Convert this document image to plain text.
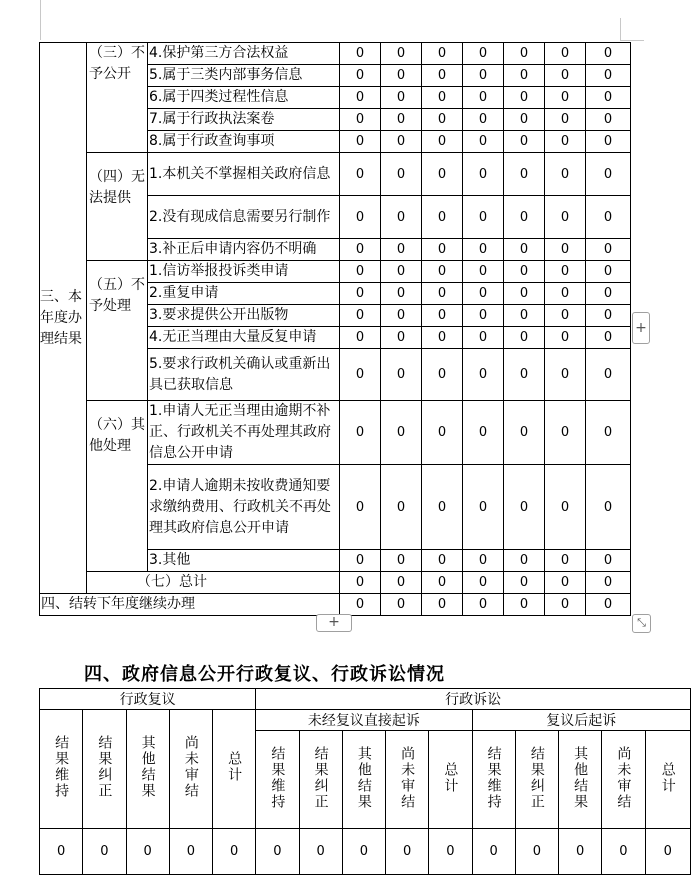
三、本年度办理结果	（三）不予公开	4.保护第三方合法权益	0	0	0	0	0	0	0
		5.属于三类内部事务信息	0	0	0	0	0	0	0
		6.属于四类过程性信息	0	0	0	0	0	0	0
		7.属于行政执法案卷	0	0	0	0	0	0	0
		8.属于行政查询事项	0	0	0	0	0	0	0
	（四）无法提供	1.本机关不掌握相关政府信息	0	0	0	0	0	0	0
		2.没有现成信息需要另行制作	0	0	0	0	0	0	0
		3.补正后申请内容仍不明确	0	0	0	0	0	0	0
	（五）不予处理	1.信访举报投诉类申请	0	0	0	0	0	0	0
		2.重复申请	0	0	0	0	0	0	0
		3.要求提供公开出版物	0	0	0	0	0	0	0
		4.无正当理由大量反复申请	0	0	0	0	0	0	0
		5.要求行政机关确认或重新出具已获取信息	0	0	0	0	0	0	0
	（六）其他处理	1.申请人无正当理由逾期不补正、行政机关不再处理其政府信息公开申请	0	0	0	0	0	0	0
		2.申请人逾期未按收费通知要求缴纳费用、行政机关不再处理其政府信息公开申请	0	0	0	0	0	0	0
		3.其他	0	0	0	0	0	0	0
	（七）总计		0	0	0	0	0	0	0
四、结转下年度继续办理			0	0	0	0	0	0	0
+
+	⤡
四、政府信息公开行政复议、行政诉讼情况
行政复议					行政诉讼									
结果维持	结果纠正	其他结果	尚未审结	总计	未经复议直接起诉					复议后起诉				
					结果维持	结果纠正	其他结果	尚未审结	总计	结果维持	结果纠正	其他结果	尚未审结	总计
0	0	0	0	0	0	0	0	0	0	0	0	0	0	0
